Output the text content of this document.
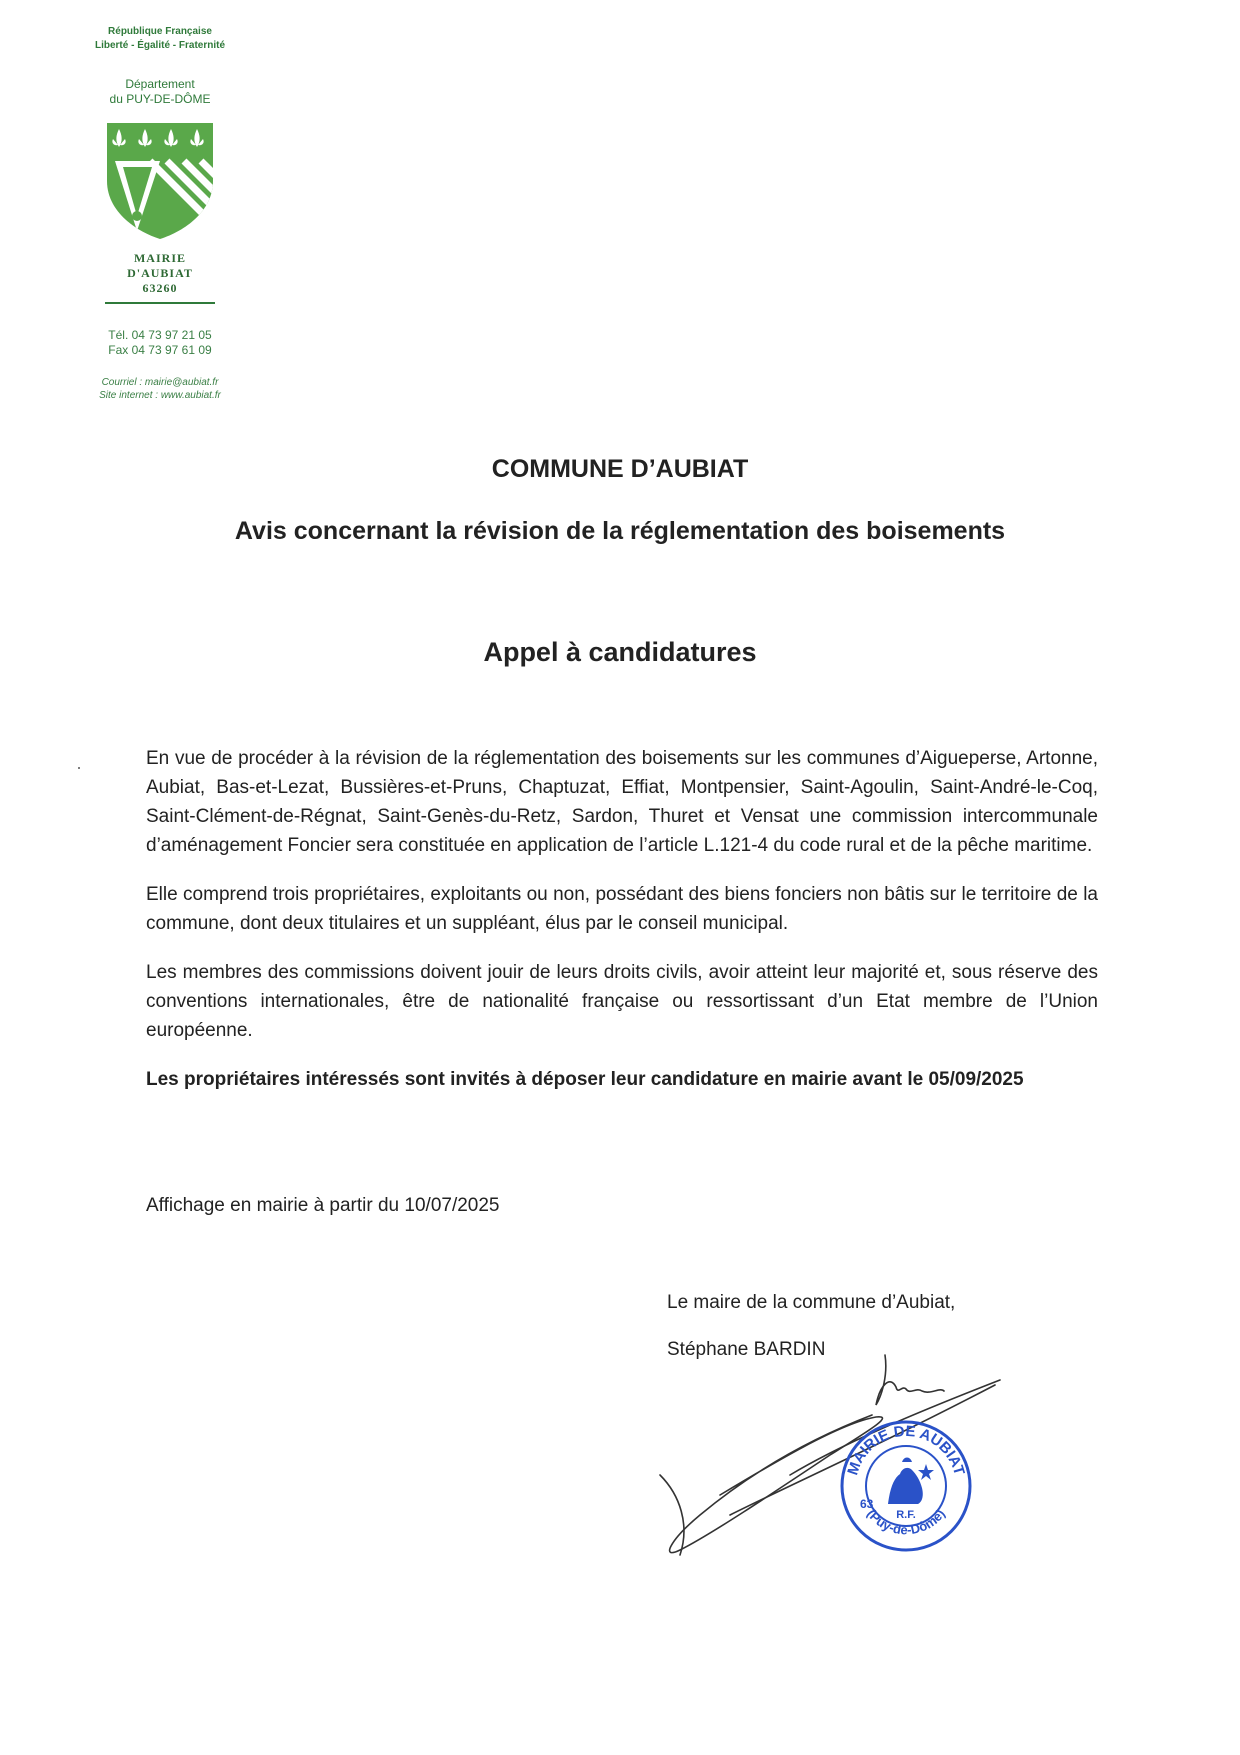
République Française
Liberté - Égalité - Fraternité
Département
du PUY-DE-DÔME
MAIRIE
D'AUBIAT
63260
Tél. 04 73 97 21 05
Fax 04 73 97 61 09
Courriel : mairie@aubiat.fr
Site internet : www.aubiat.fr
COMMUNE D’AUBIAT
Avis concernant la révision de la réglementation des boisements
Appel à candidatures

En vue de procéder à la révision de la réglementation des boisements sur les communes d’Aigueperse, Artonne, Aubiat, Bas-et-Lezat, Bussières-et-Pruns, Chaptuzat, Effiat, Montpensier, Saint-Agoulin, Saint-André-le-Coq, Saint-Clément-de-Régnat, Saint-Genès-du-Retz, Sardon, Thuret et Vensat une commission intercommunale d’aménagement Foncier sera constituée en application de l’article L.121-4 du code rural et de la pêche maritime.

Elle comprend trois propriétaires, exploitants ou non, possédant des biens fonciers non bâtis sur le territoire de la commune, dont deux titulaires et un suppléant, élus par le conseil municipal.

Les membres des commissions doivent jouir de leurs droits civils, avoir atteint leur majorité et, sous réserve des conventions internationales, être de nationalité française ou ressortissant d’un Etat membre de l’Union européenne.

Les propriétaires intéressés sont invités à déposer leur candidature en mairie avant le 05/09/2025

Affichage en mairie à partir du 10/07/2025
Le maire de la commune d’Aubiat,
Stéphane BARDIN
MAIRIE DE AUBIAT
(Puy-de-Dôme)
63
R.F.
